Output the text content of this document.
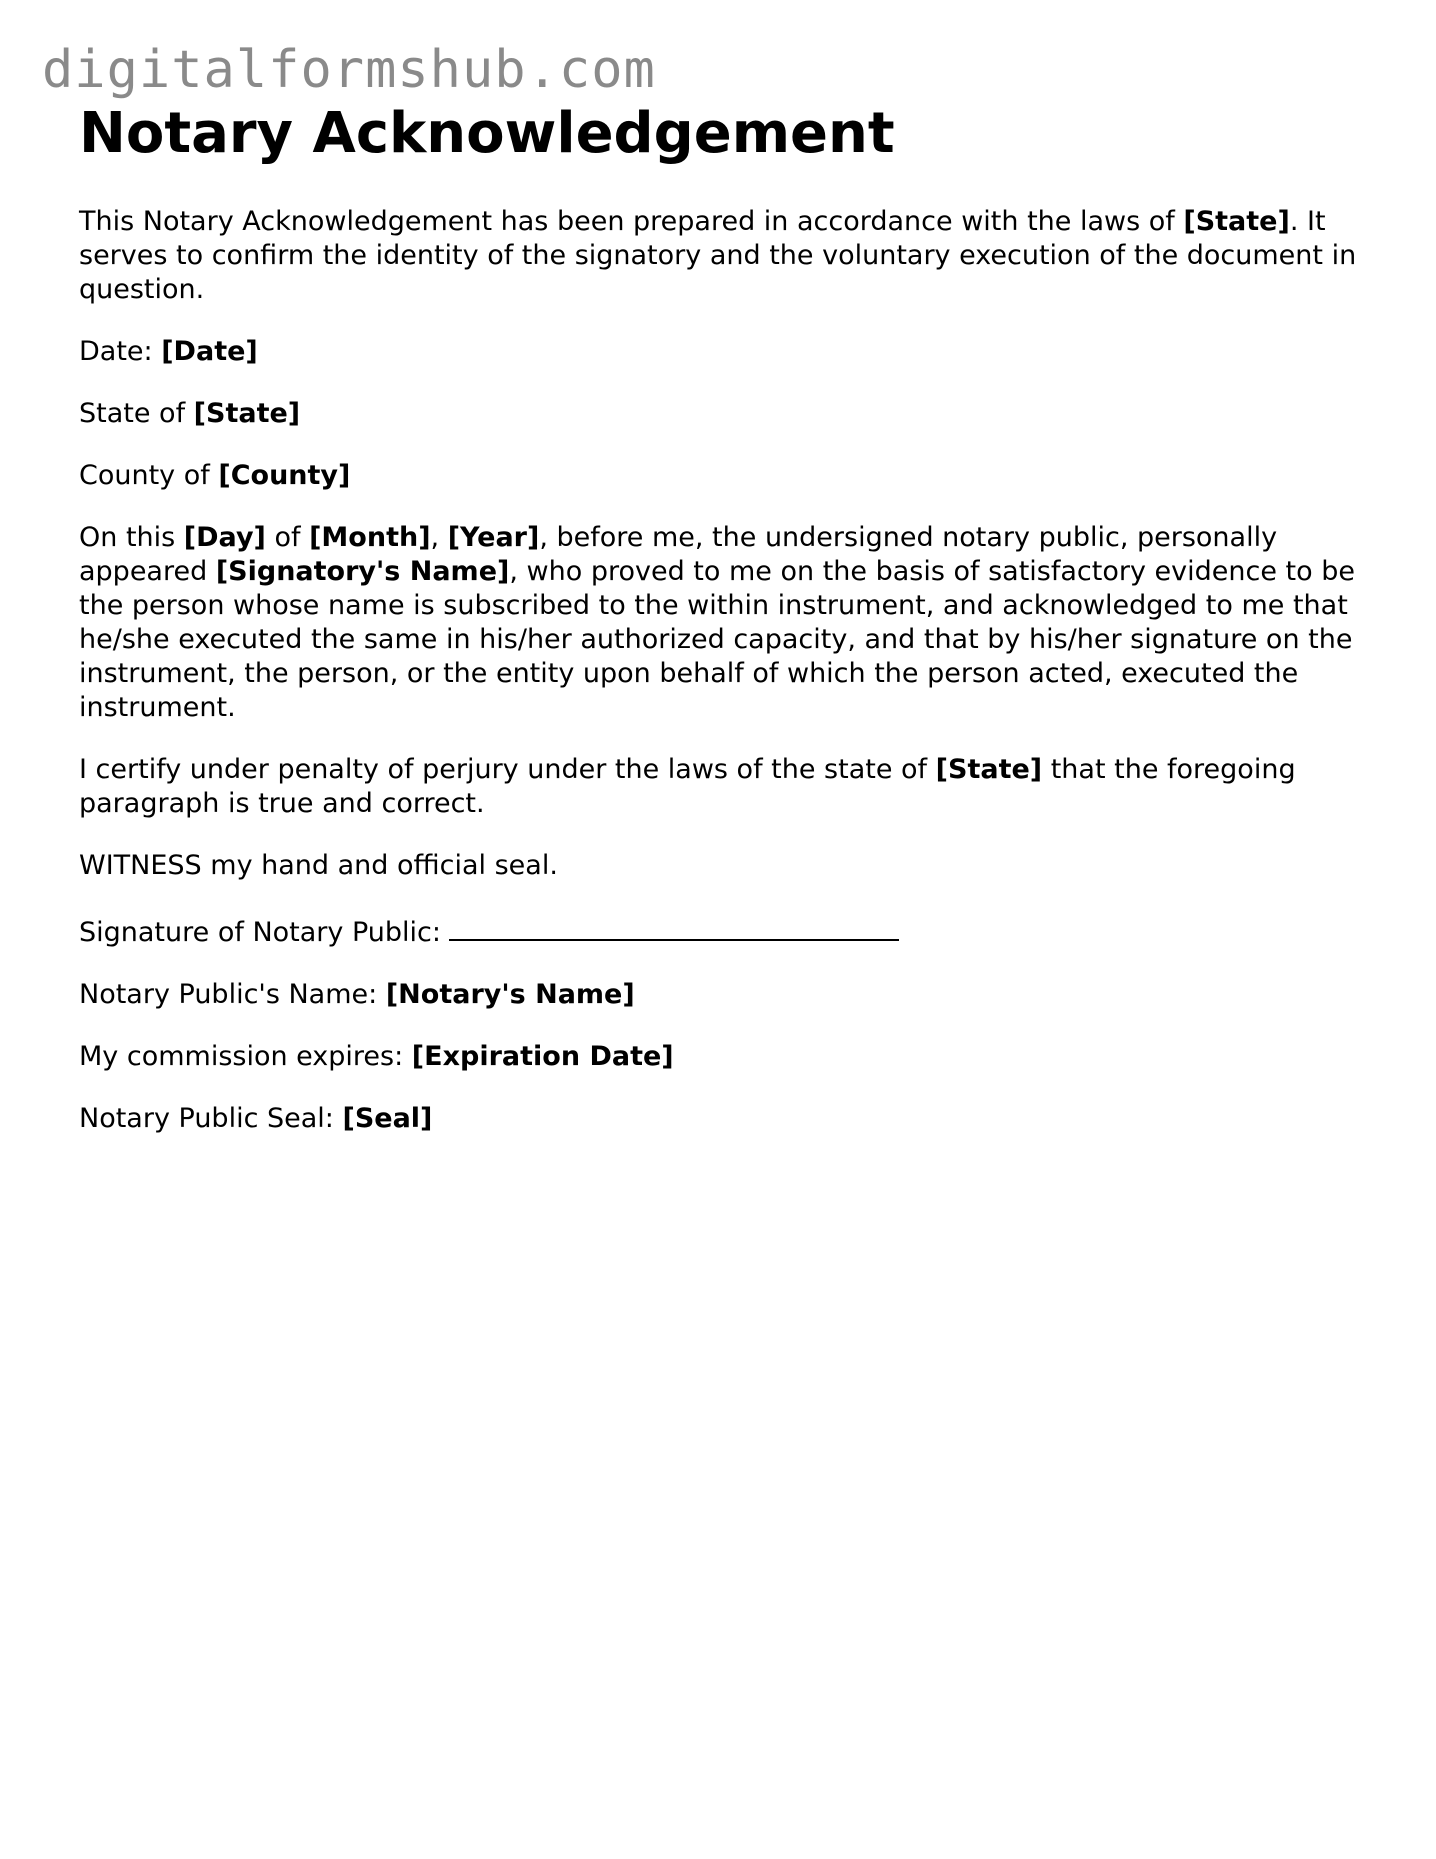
digitalformshub.com
Notary Acknowledgement

This Notary Acknowledgement has been prepared in accordance with the laws of [State]. It serves to confirm the identity of the signatory and the voluntary execution of the document in question.

Date: [Date]

State of [State]

County of [County]

On this [Day] of [Month], [Year], before me, the undersigned notary public, personally appeared [Signatory's Name], who proved to me on the basis of satisfactory evidence to be the person whose name is subscribed to the within instrument, and acknowledged to me that he/she executed the same in his/her authorized capacity, and that by his/her signature on the instrument, the person, or the entity upon behalf of which the person acted, executed the instrument.

I certify under penalty of perjury under the laws of the state of [State] that the foregoing paragraph is true and correct.

WITNESS my hand and official seal.

Signature of Notary Public:

Notary Public's Name: [Notary's Name]

My commission expires: [Expiration Date]

Notary Public Seal: [Seal]
